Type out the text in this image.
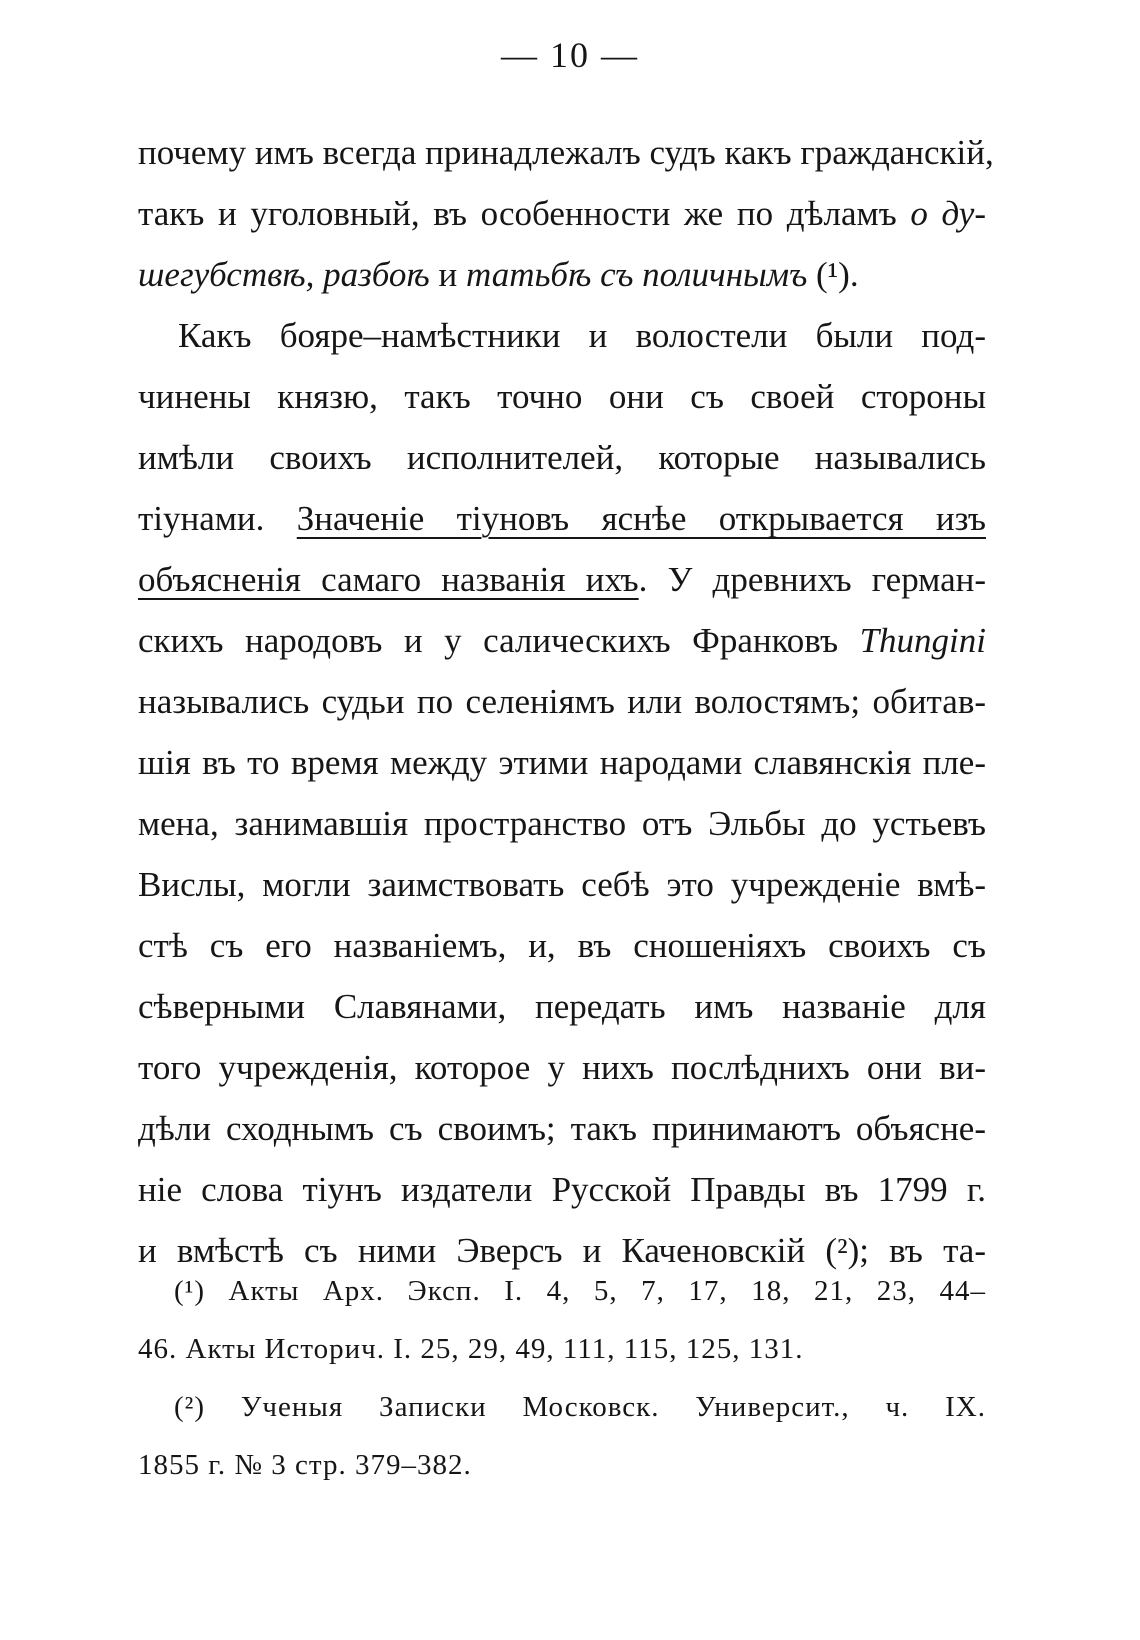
— 10 —
почему имъ всегда принадлежалъ судъ какъ гражданскій,
такъ и уголовный, въ особенности же по дѣламъ о ду-
шегубствѣ, разбоѣ и татьбѣ съ поличнымъ (¹).
Какъ бояре–намѣстники и волостели были под-
чинены князю, такъ точно они съ своей стороны
имѣли своихъ исполнителей, которые назывались
тіунами. Значеніе тіуновъ яснѣе открывается изъ
объясненія самаго названія ихъ. У древнихъ герман-
скихъ народовъ и у салическихъ Франковъ Thungini
назывались судьи по селеніямъ или волостямъ; обитав-
шія въ то время между этими народами славянскія пле-
мена, занимавшія пространство отъ Эльбы до устьевъ
Вислы, могли заимствовать себѣ это учрежденіе вмѣ-
стѣ съ его названіемъ, и, въ сношеніяхъ своихъ съ
сѣверными Славянами, передать имъ названіе для
того учрежденія, которое у нихъ послѣднихъ они ви-
дѣли сходнымъ съ своимъ; такъ принимаютъ объясне-
ніе слова тіунъ издатели Русской Правды въ 1799 г.
и вмѣстѣ съ ними Эверсъ и Каченовскій (²); въ та-
(¹) Акты Арх. Эксп. I. 4, 5, 7, 17, 18, 21, 23, 44–
46. Акты Историч. I. 25, 29, 49, 111, 115, 125, 131.
(²) Ученыя Записки Московск. Университ., ч. IX.
1855 г. № 3 стр. 379–382.
